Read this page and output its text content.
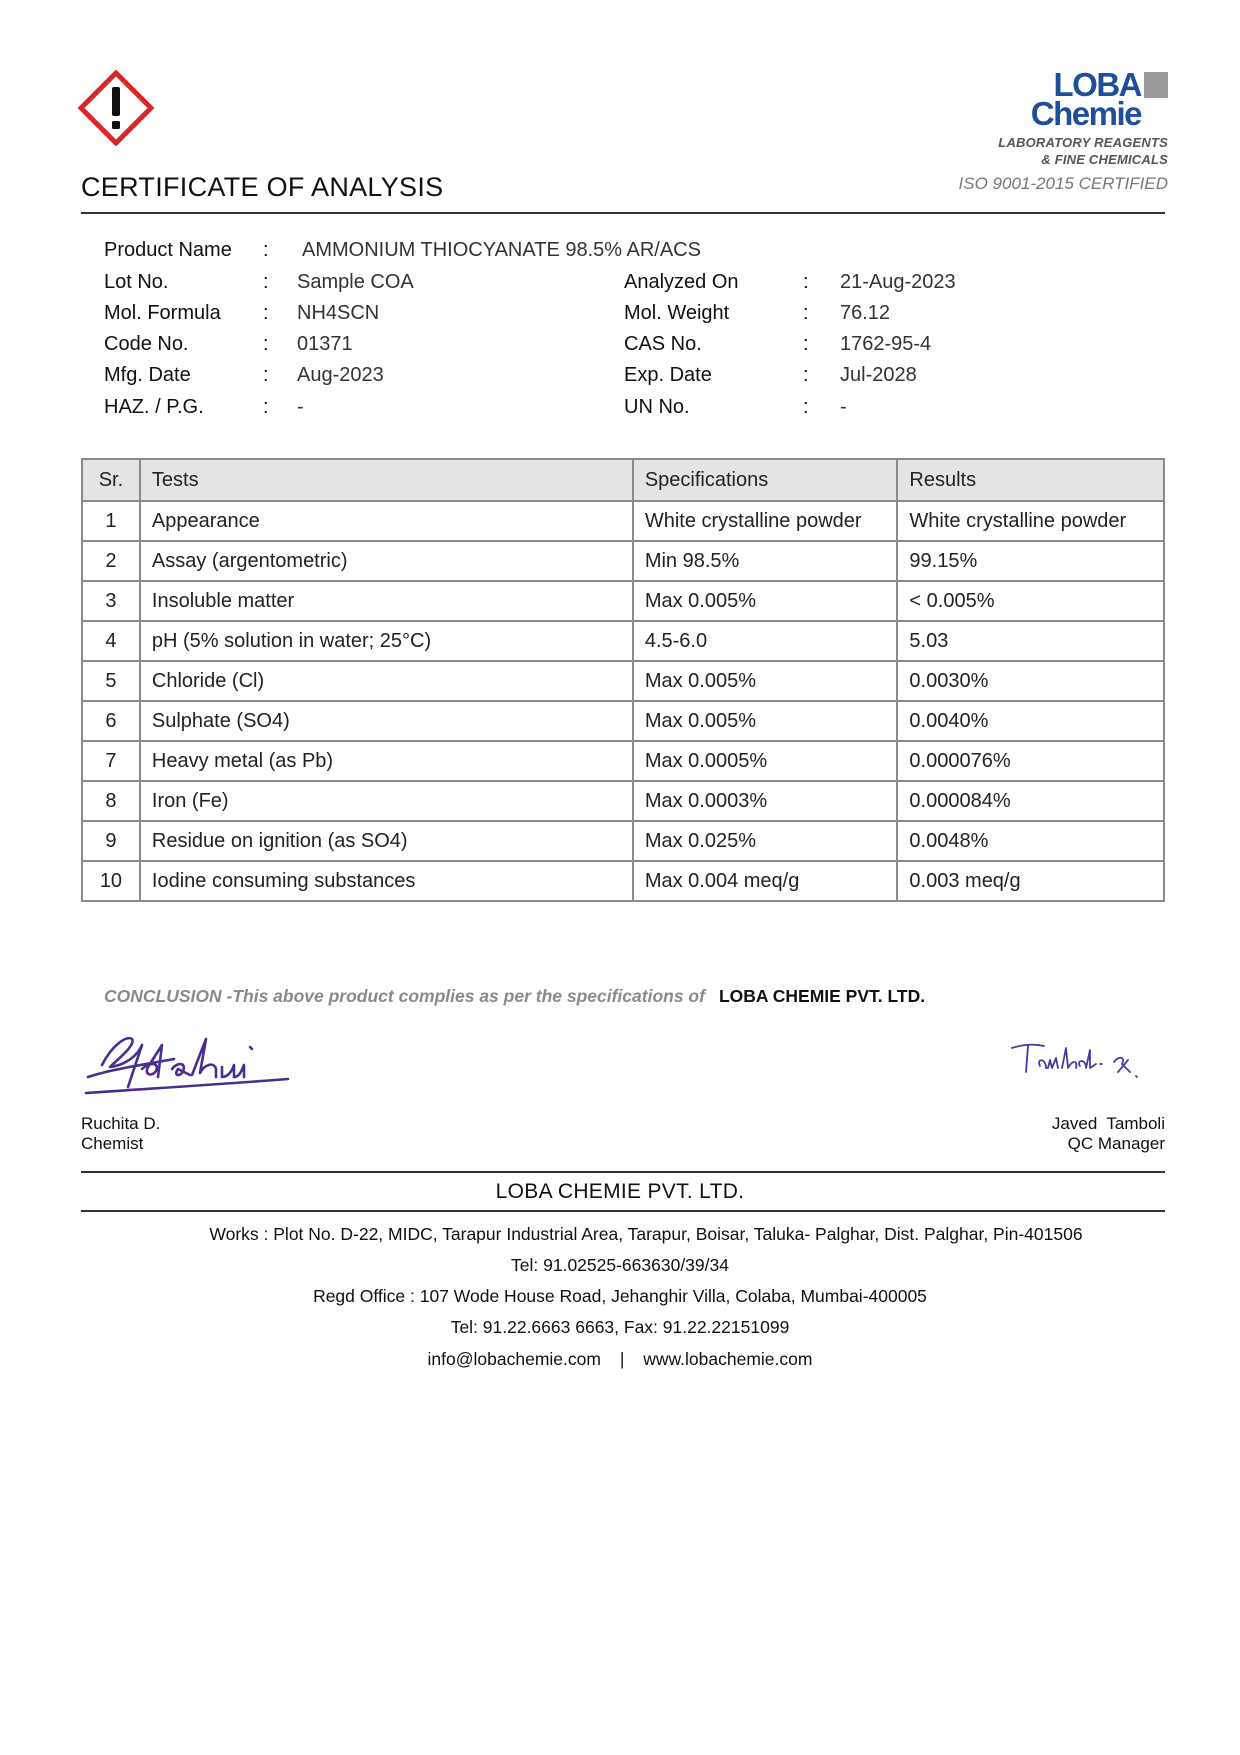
CERTIFICATE OF ANALYSIS
LOBA
Chemie
LABORATORY REAGENTS
& FINE CHEMICALS
ISO 9001-2015 CERTIFIED
Product Name : AMMONIUM THIOCYANATE 98.5% AR/ACS
Lot No.	: Sample COA	Analyzed On	: 21-Aug-2023
Mol. Formula : NH4SCN	Mol. Weight	: 76.12
Code No.	: 01371	CAS No.	: 1762-95-4
Mfg. Date	: Aug-2023	Exp. Date	: Jul-2028
HAZ. / P.G.	: -	UN No.	: -
Sr.	Tests	Specifications	Results
1	Appearance	White crystalline powder	White crystalline powder
2	Assay (argentometric)	Min 98.5%	99.15%
3	Insoluble matter	Max 0.005%	< 0.005%
4	pH (5% solution in water; 25°C)	4.5-6.0	5.03
5	Chloride (Cl)	Max 0.005%	0.0030%
6	Sulphate (SO4)	Max 0.005%	0.0040%
7	Heavy metal (as Pb)	Max 0.0005%	0.000076%
8	Iron (Fe)	Max 0.0003%	0.000084%
9	Residue on ignition (as SO4)	Max 0.025%	0.0048%
10	Iodine consuming substances	Max 0.004 meq/g	0.003 meq/g
CONCLUSION -This above product complies as per the specifications of LOBA CHEMIE PVT. LTD.
Ruchita D.
Chemist
Javed  Tamboli
QC Manager
LOBA CHEMIE PVT. LTD.
Works : Plot No. D-22, MIDC, Tarapur Industrial Area, Tarapur, Boisar, Taluka- Palghar, Dist. Palghar, Pin-401506
Tel: 91.02525-663630/39/34
Regd Office : 107 Wode House Road, Jehanghir Villa, Colaba, Mumbai-400005
Tel: 91.22.6663 6663, Fax: 91.22.22151099
info@lobachemie.com | www.lobachemie.com
